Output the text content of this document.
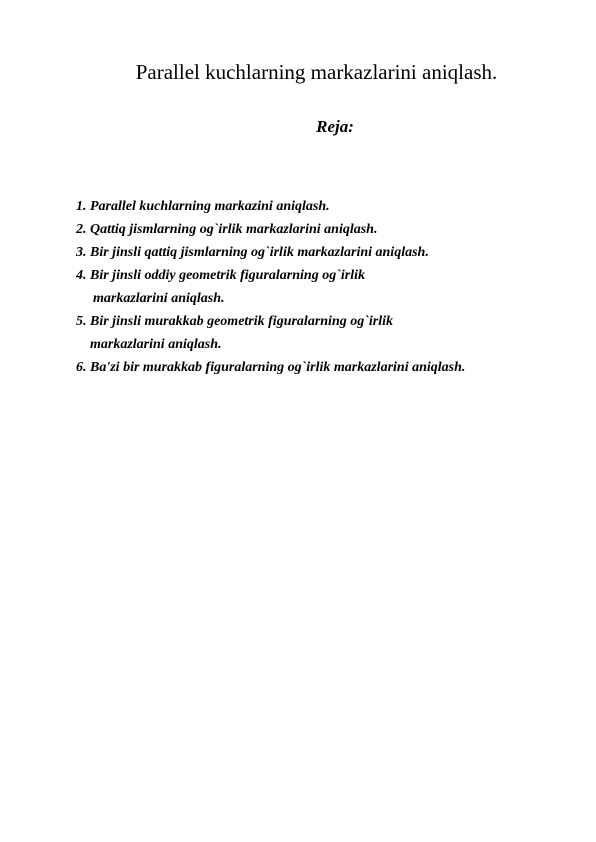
Parallel kuchlarning markazlarini aniqlash.
Reja:
1. Parallel kuchlarning markazini aniqlash.
2. Qattiq jismlarning og`irlik markazlarini aniqlash.
3. Bir jinsli qattiq jismlarning og`irlik markazlarini aniqlash.
4. Bir jinsli oddiy geometrik figuralarning og`irlik
markazlarini aniqlash.
5. Bir jinsli murakkab geometrik figuralarning og`irlik
markazlarini aniqlash.
6. Ba'zi bir murakkab figuralarning og`irlik markazlarini aniqlash.
